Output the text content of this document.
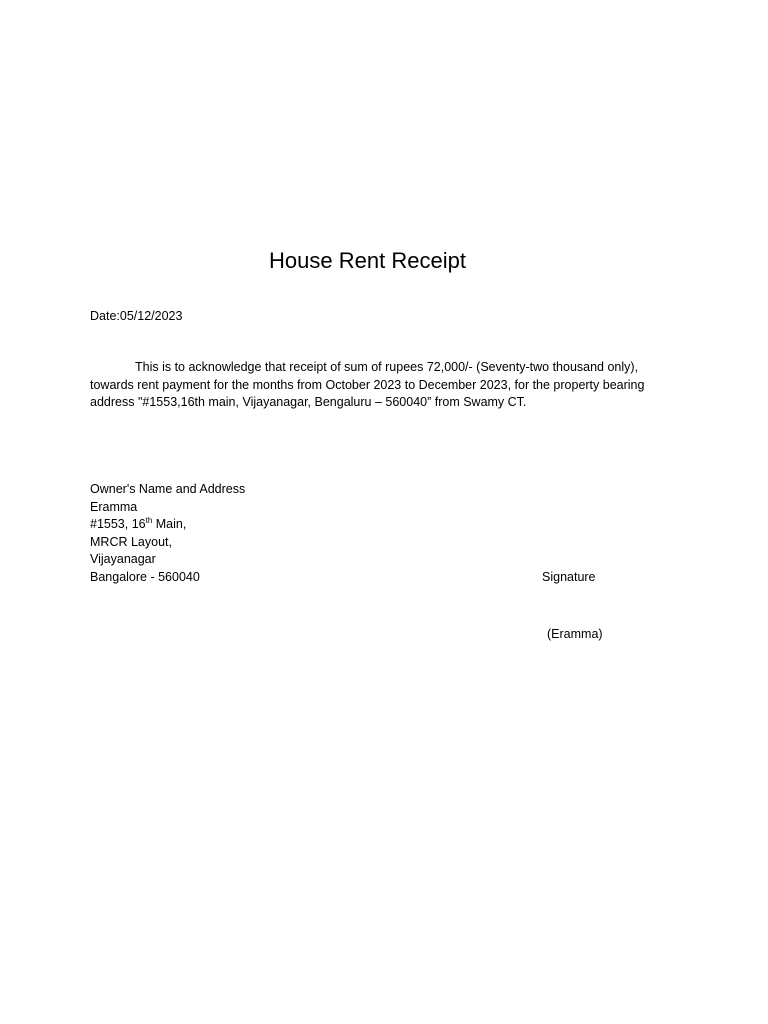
House Rent Receipt
Date:05/12/2023
This is to acknowledge that receipt of sum of rupees 72,000/- (Seventy-two thousand only),
towards rent payment for the months from October 2023 to December 2023, for the property bearing
address "#1553,16th main, Vijayanagar, Bengaluru – 560040” from Swamy CT.
Owner's Name and Address
Eramma
#1553, 16th Main,
MRCR Layout,
Vijayanagar
Bangalore - 560040	Signature
(Eramma)
